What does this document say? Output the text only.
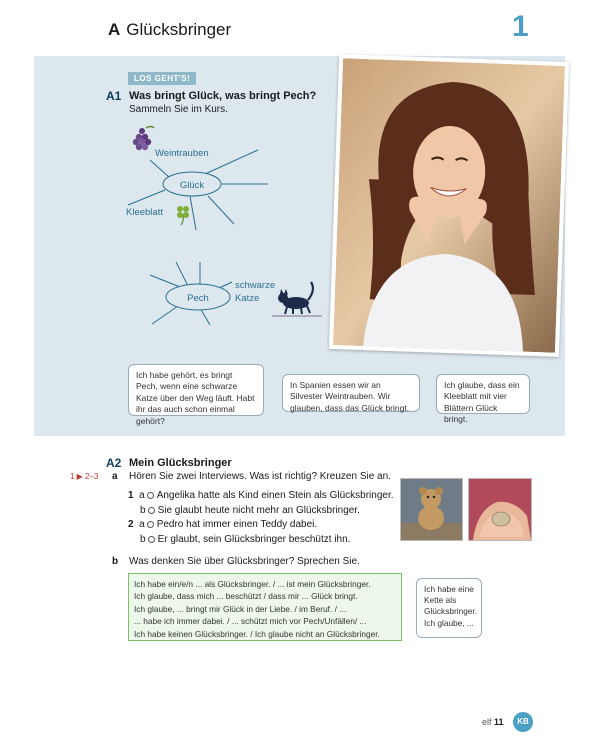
A Glücksbringer	1
LOS GEHT'S!
A1 Was bringt Glück, was bringt Pech?
Sammeln Sie im Kurs.
Glück
Weintrauben
Kleeblatt
Pech
schwarze
Katze
Ich habe gehört, es bringt Pech, wenn eine schwarze Katze über den Weg läuft. Habt ihr das auch schon einmal gehört?
In Spanien essen wir an Silvester Weintrauben. Wir glauben, dass das Glück bringt.
Ich glaube, dass ein Kleeblatt mit vier Blättern Glück bringt.
A2 Mein Glücksbringer
1 ▶ 2–3 a Hören Sie zwei Interviews. Was ist richtig? Kreuzen Sie an.
1 a Angelika hatte als Kind einen Stein als Glücksbringer.
b Sie glaubt heute nicht mehr an Glücksbringer.
2 a Pedro hat immer einen Teddy dabei.
b Er glaubt, sein Glücksbringer beschützt ihn.
b Was denken Sie über Glücksbringer? Sprechen Sie.
Ich habe ein/e/n ... als Glücksbringer. / ... ist mein Glücksbringer.
Ich glaube, dass mich ... beschützt / dass mir ... Glück bringt.
Ich glaube, ... bringt mir Glück in der Liebe. / im Beruf. / ...
... habe ich immer dabei. / ... schützt mich vor Pech/Unfällen/ ...
Ich habe keinen Glücksbringer. / Ich glaube nicht an Glücksbringer.
Ich habe eine Kette als Glücksbringer. Ich glaube, ...
elf 11	KB
